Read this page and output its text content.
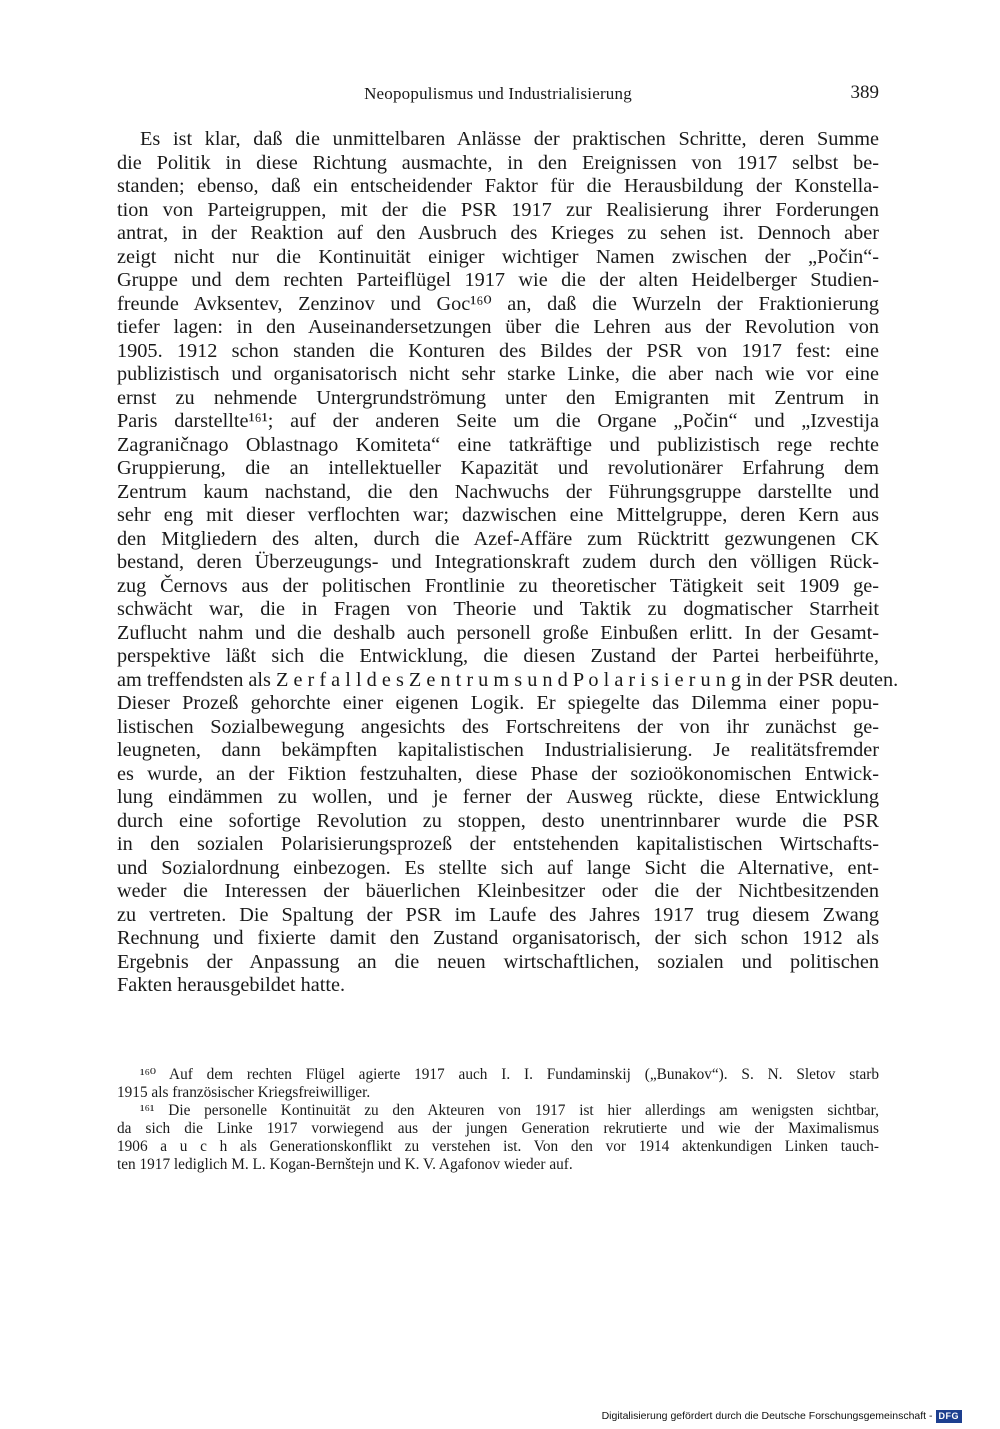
Neopopulismus und Industrialisierung	389
Es ist klar, daß die unmittelbaren Anlässe der praktischen Schritte, deren Summe
die Politik in diese Richtung ausmachte, in den Ereignissen von 1917 selbst be-
standen; ebenso, daß ein entscheidender Faktor für die Herausbildung der Konstella-
tion von Parteigruppen, mit der die PSR 1917 zur Realisierung ihrer Forderungen
antrat, in der Reaktion auf den Ausbruch des Krieges zu sehen ist. Dennoch aber
zeigt nicht nur die Kontinuität einiger wichtiger Namen zwischen der „Počin“-
Gruppe und dem rechten Parteiflügel 1917 wie die der alten Heidelberger Studien-
freunde Avksentev, Zenzinov und Goc¹⁶⁰ an, daß die Wurzeln der Fraktionierung
tiefer lagen: in den Auseinandersetzungen über die Lehren aus der Revolution von
1905. 1912 schon standen die Konturen des Bildes der PSR von 1917 fest: eine
publizistisch und organisatorisch nicht sehr starke Linke, die aber nach wie vor eine
ernst zu nehmende Untergrundströmung unter den Emigranten mit Zentrum in
Paris darstellte¹⁶¹; auf der anderen Seite um die Organe „Počin“ und „Izvestija
Zagraničnago Oblastnago Komiteta“ eine tatkräftige und publizistisch rege rechte
Gruppierung, die an intellektueller Kapazität und revolutionärer Erfahrung dem
Zentrum kaum nachstand, die den Nachwuchs der Führungsgruppe darstellte und
sehr eng mit dieser verflochten war; dazwischen eine Mittelgruppe, deren Kern aus
den Mitgliedern des alten, durch die Azef-Affäre zum Rücktritt gezwungenen CK
bestand, deren Überzeugungs- und Integrationskraft zudem durch den völligen Rück-
zug Černovs aus der politischen Frontlinie zu theoretischer Tätigkeit seit 1909 ge-
schwächt war, die in Fragen von Theorie und Taktik zu dogmatischer Starrheit
Zuflucht nahm und die deshalb auch personell große Einbußen erlitt. In der Gesamt-
perspektive läßt sich die Entwicklung, die diesen Zustand der Partei herbeiführte,
am treffendsten als Z e r f a l l d e s Z e n t r u m s u n d P o l a r i s i e r u n g in der PSR deuten.
Dieser Prozeß gehorchte einer eigenen Logik. Er spiegelte das Dilemma einer popu-
listischen Sozialbewegung angesichts des Fortschreitens der von ihr zunächst ge-
leugneten, dann bekämpften kapitalistischen Industrialisierung. Je realitätsfremder
es wurde, an der Fiktion festzuhalten, diese Phase der sozioökonomischen Entwick-
lung eindämmen zu wollen, und je ferner der Ausweg rückte, diese Entwicklung
durch eine sofortige Revolution zu stoppen, desto unentrinnbarer wurde die PSR
in den sozialen Polarisierungsprozeß der entstehenden kapitalistischen Wirtschafts-
und Sozialordnung einbezogen. Es stellte sich auf lange Sicht die Alternative, ent-
weder die Interessen der bäuerlichen Kleinbesitzer oder die der Nichtbesitzenden
zu vertreten. Die Spaltung der PSR im Laufe des Jahres 1917 trug diesem Zwang
Rechnung und fixierte damit den Zustand organisatorisch, der sich schon 1912 als
Ergebnis der Anpassung an die neuen wirtschaftlichen, sozialen und politischen
Fakten herausgebildet hatte.
¹⁶⁰ Auf dem rechten Flügel agierte 1917 auch I. I. Fundaminskij („Bunakov“). S. N. Sletov starb
1915 als französischer Kriegsfreiwilliger.
¹⁶¹ Die personelle Kontinuität zu den Akteuren von 1917 ist hier allerdings am wenigsten sichtbar,
da sich die Linke 1917 vorwiegend aus der jungen Generation rekrutierte und wie der Maximalismus
1906 a u c h als Generationskonflikt zu verstehen ist. Von den vor 1914 aktenkundigen Linken tauch-
ten 1917 lediglich M. L. Kogan-Bernštejn und K. V. Agafonov wieder auf.
Digitalisierung gefördert durch die Deutsche Forschungsgemeinschaft - DFG
